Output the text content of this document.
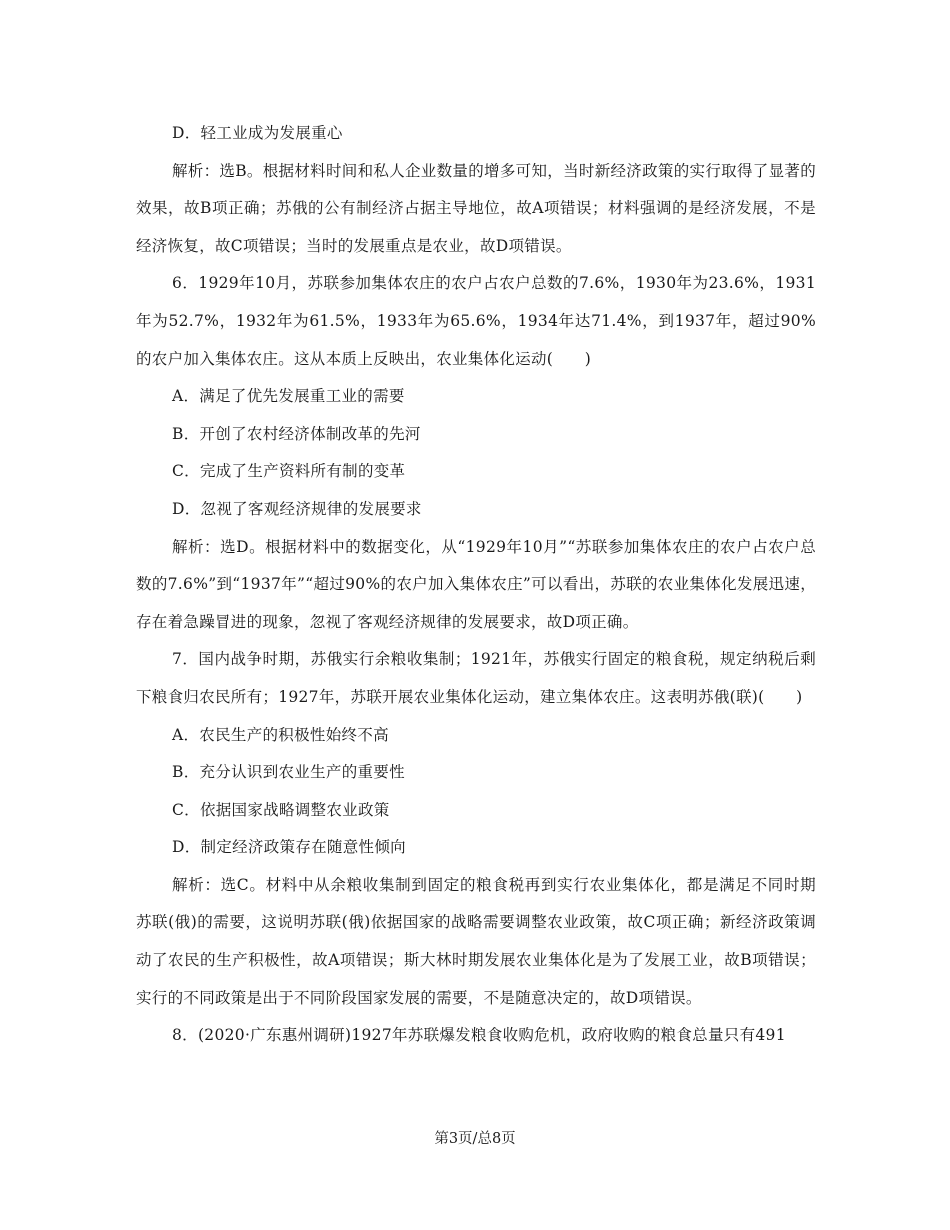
D．轻工业成为发展重心

解析：选B。根据材料时间和私人企业数量的增多可知，当时新经济政策的实行取得了显著的效果，故B项正确；苏俄的公有制经济占据主导地位，故A项错误；材料强调的是经济发展，不是经济恢复，故C项错误；当时的发展重点是农业，故D项错误。

6．1929年10月，苏联参加集体农庄的农户占农户总数的7.6%，1930年为23.6%，1931年为52.7%，1932年为61.5%，1933年为65.6%，1934年达71.4%，到1937年，超过90%的农户加入集体农庄。这从本质上反映出，农业集体化运动(　　)

A．满足了优先发展重工业的需要

B．开创了农村经济体制改革的先河

C．完成了生产资料所有制的变革

D．忽视了客观经济规律的发展要求

解析：选D。根据材料中的数据变化，从“1929年10月”“苏联参加集体农庄的农户占农户总数的7.6%”到“1937年”“超过90%的农户加入集体农庄”可以看出，苏联的农业集体化发展迅速，存在着急躁冒进的现象，忽视了客观经济规律的发展要求，故D项正确。

7．国内战争时期，苏俄实行余粮收集制；1921年，苏俄实行固定的粮食税，规定纳税后剩下粮食归农民所有；1927年，苏联开展农业集体化运动，建立集体农庄。这表明苏俄(联)(　　)

A．农民生产的积极性始终不高

B．充分认识到农业生产的重要性

C．依据国家战略调整农业政策

D．制定经济政策存在随意性倾向

解析：选C。材料中从余粮收集制到固定的粮食税再到实行农业集体化，都是满足不同时期苏联(俄)的需要，这说明苏联(俄)依据国家的战略需要调整农业政策，故C项正确；新经济政策调动了农民的生产积极性，故A项错误；斯大林时期发展农业集体化是为了发展工业，故B项错误；实行的不同政策是出于不同阶段国家发展的需要，不是随意决定的，故D项错误。

8．(2020·广东惠州调研)1927年苏联爆发粮食收购危机，政府收购的粮食总量只有491

第3页/总8页
